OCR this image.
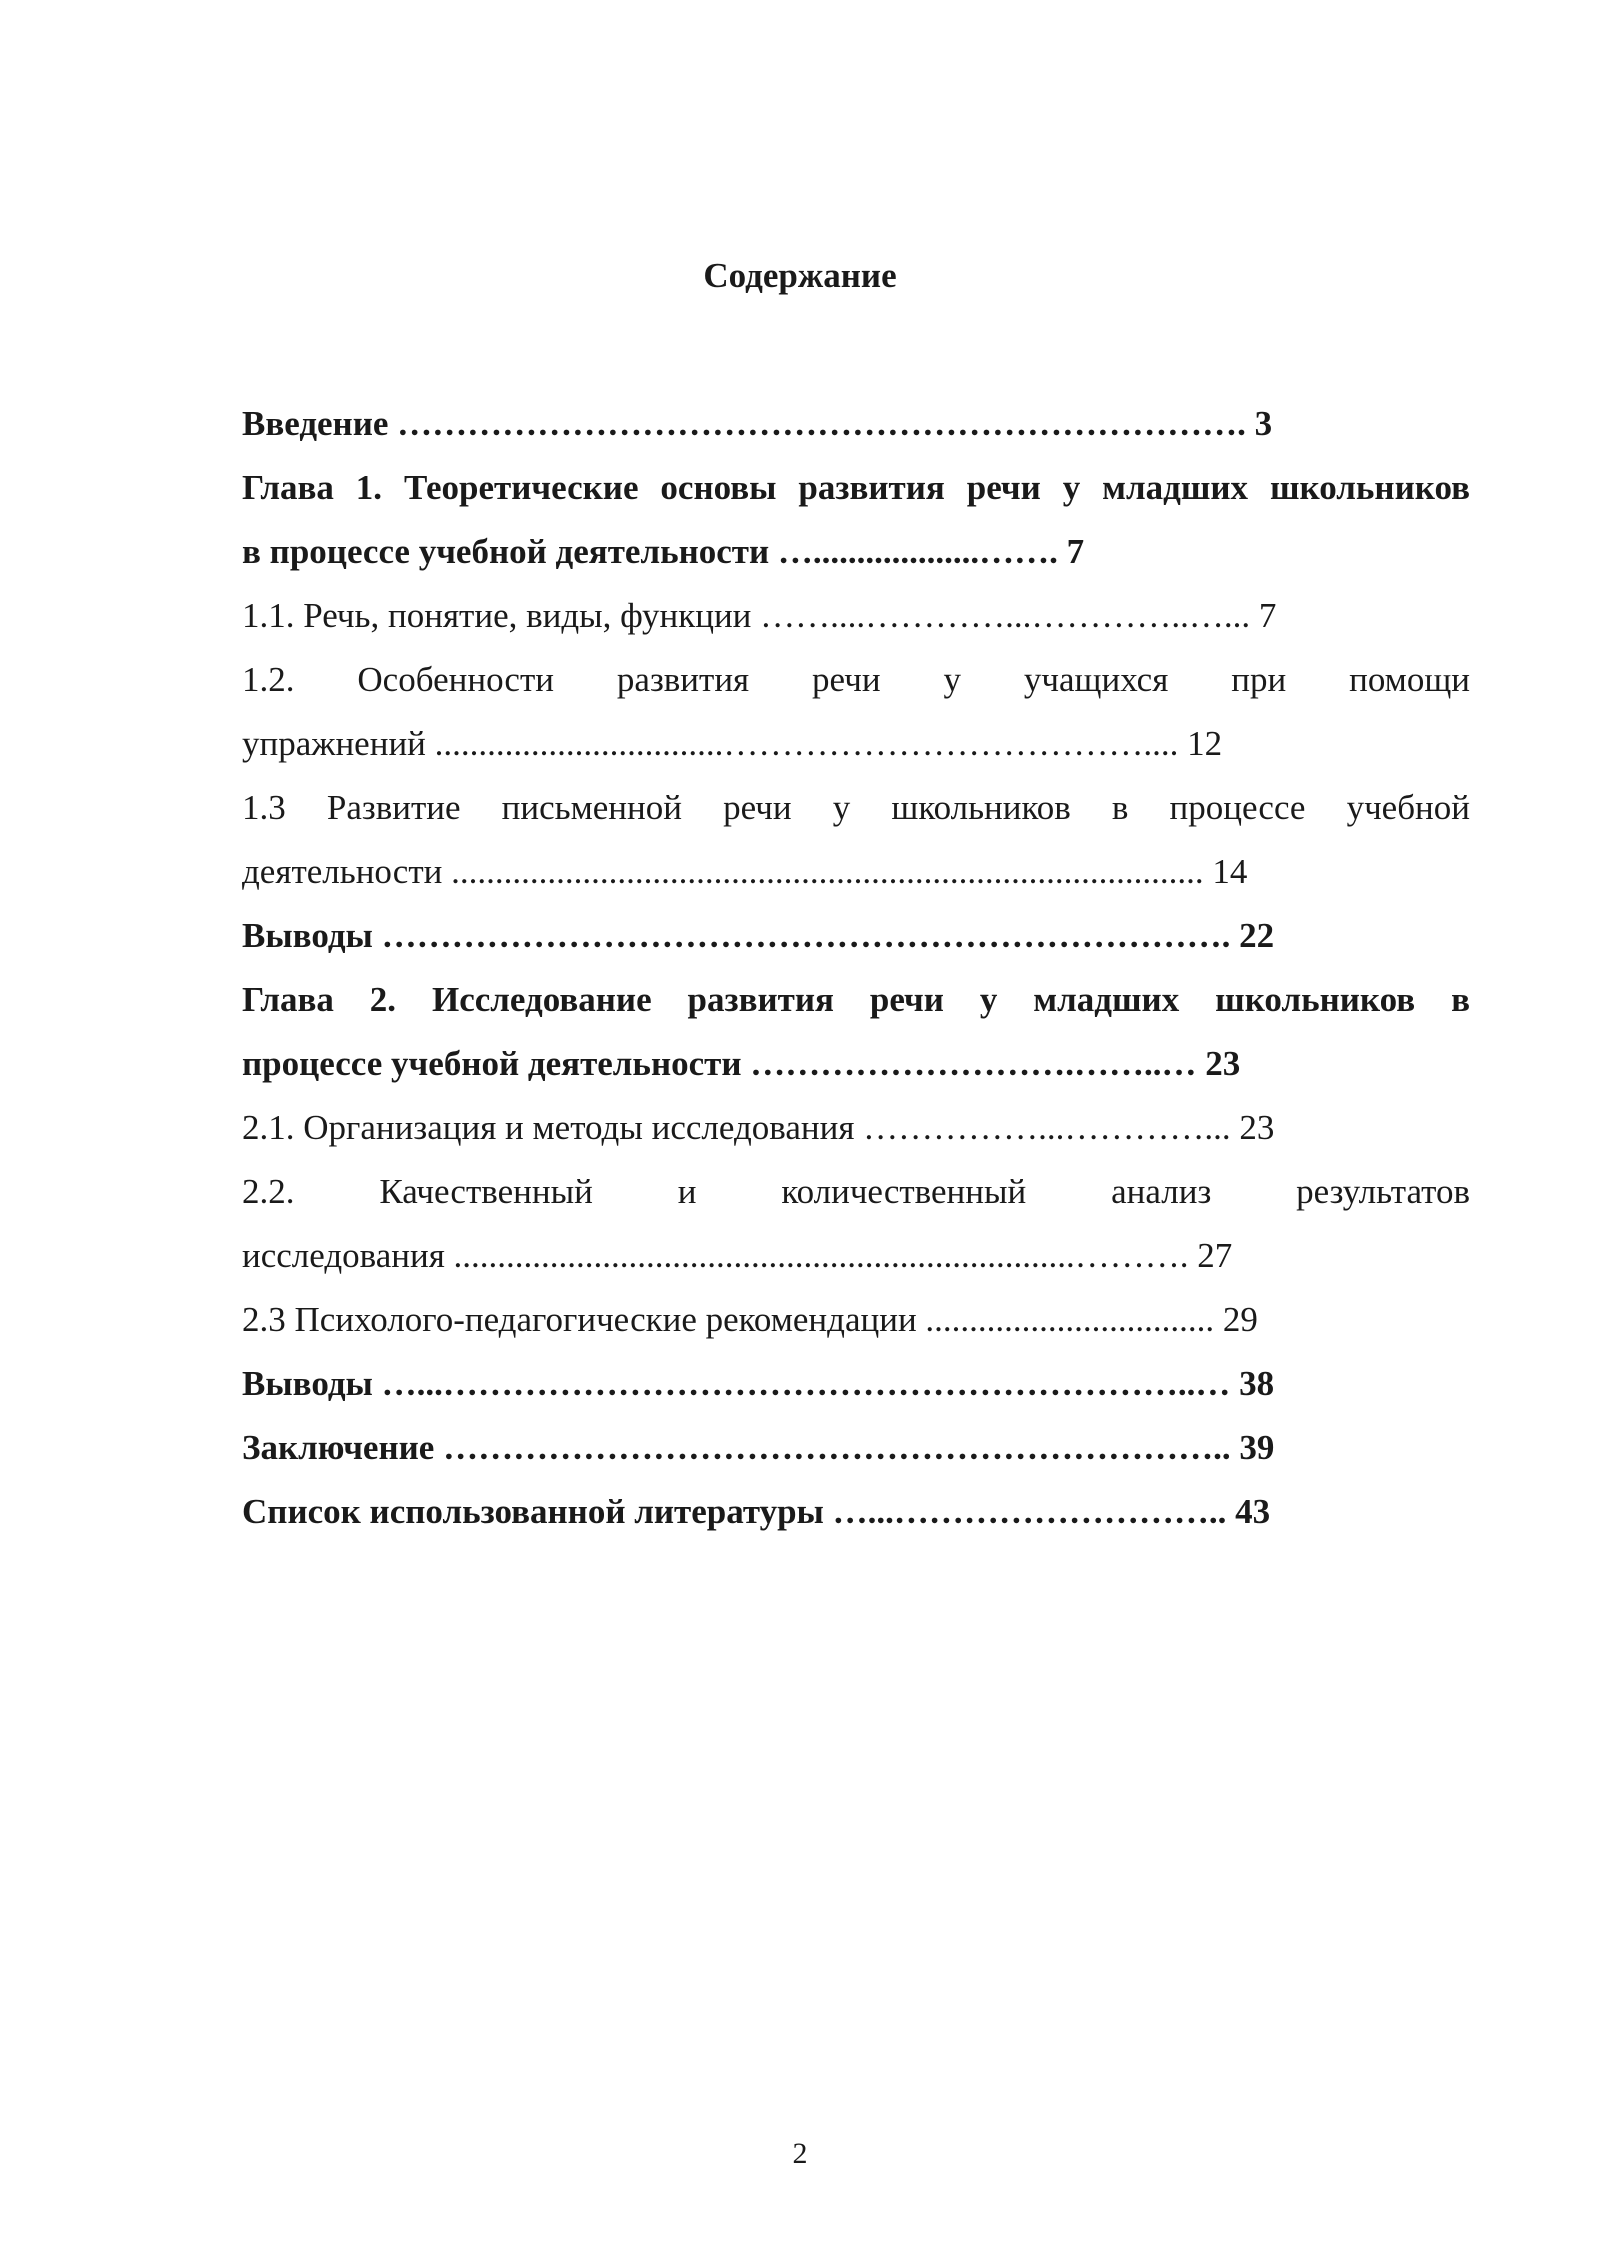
Содержание
Введение ………………………………………………………………. 3
Глава 1. Теоретические основы развития речи у младших школьников
в процессе учебной деятельности …...................……. 7
1.1. Речь, понятие, виды, функции ……....…………...…………..…... 7
1.2. Особенности развития речи у учащихся при помощи
упражнений .................................……………………………….... 12
1.3 Развитие письменной речи у школьников в процессе учебной
деятельности ...................................................................................... 14
Выводы ………………………………………………………………. 22
Глава 2. Исследование развития речи у младших школьников в
процессе учебной деятельности ……………………….……..… 23
2.1. Организация и методы исследования ……………...…………... 23
2.2. Качественный и количественный анализ результатов
исследования .......................................................................………. 27
2.3 Психолого-педагогические рекомендации ................................. 29
Выводы …...………………………………………………………..… 38
Заключение ………………………………………………………….. 39
Список использованной литературы …...……………………….. 43
2
